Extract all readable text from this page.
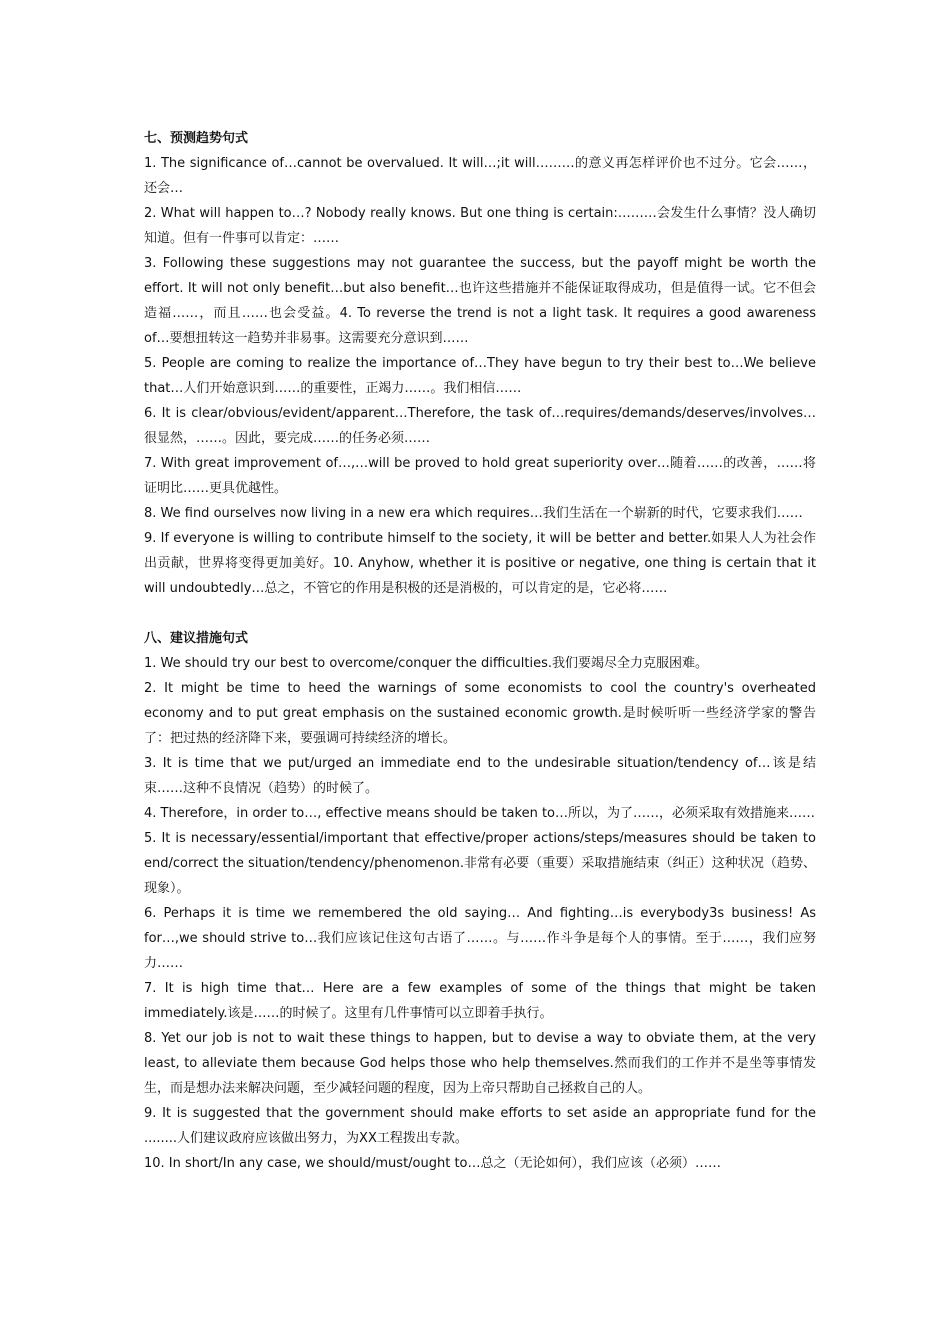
七、预测趋势句式

1. The significance of…cannot be overvalued. It will…;it will………的意义再怎样评价也不过分。它会……，还会…

2. What will happen to…? Nobody really knows. But one thing is certain:………会发生什么事情？没人确切知道。但有一件事可以肯定：……

3. Following these suggestions may not guarantee the success, but the payoff might be worth the effort. It will not only benefit…but also benefit…也许这些措施并不能保证取得成功，但是值得一试。它不但会造福……，而且……也会受益。4. To reverse the trend is not a light task. It requires a good awareness of…要想扭转这一趋势并非易事。这需要充分意识到……

5. People are coming to realize the importance of…They have begun to try their best to…We believe that…人们开始意识到……的重要性，正竭力……。我们相信……

6. It is clear/obvious/evident/apparent…Therefore, the task of…requires/demands/deserves/involves…很显然，……。因此，要完成……的任务必须……

7. With great improvement of…,…will be proved to hold great superiority over…随着……的改善，……将证明比……更具优越性。

8. We find ourselves now living in a new era which requires…我们生活在一个崭新的时代，它要求我们……

9. If everyone is willing to contribute himself to the society, it will be better and better.如果人人为社会作出贡献，世界将变得更加美好。10. Anyhow, whether it is positive or negative, one thing is certain that it will undoubtedly…总之，不管它的作用是积极的还是消极的，可以肯定的是，它必将……

八、建议措施句式

1. We should try our best to overcome/conquer the difficulties.我们要竭尽全力克服困难。

2. It might be time to heed the warnings of some economists to cool the country's overheated economy and to put great emphasis on the sustained economic growth.是时候听听一些经济学家的警告了：把过热的经济降下来，要强调可持续经济的增长。

3. It is time that we put/urged an immediate end to the undesirable situation/tendency of…该是结束……这种不良情况（趋势）的时候了。

4. Therefore，in order to…, effective means should be taken to…所以，为了……，必须采取有效措施来……

5. It is necessary/essential/important that effective/proper actions/steps/measures should be taken to end/correct the situation/tendency/phenomenon.非常有必要（重要）采取措施结束（纠正）这种状况（趋势、现象）。

6. Perhaps it is time we remembered the old saying… And fighting…is everybody3s business! As for…,we should strive to…我们应该记住这句古语了……。与……作斗争是每个人的事情。至于……，我们应努力……

7. It is high time that… Here are a few examples of some of the things that might be taken immediately.该是……的时候了。这里有几件事情可以立即着手执行。

8. Yet our job is not to wait these things to happen, but to devise a way to obviate them, at the very least, to alleviate them because God helps those who help themselves.然而我们的工作并不是坐等事情发生，而是想办法来解决问题，至少减轻问题的程度，因为上帝只帮助自己拯救自己的人。

9. It is suggested that the government should make efforts to set aside an appropriate fund for the ........人们建议政府应该做出努力，为XX工程拨出专款。

10. In short/In any case, we should/must/ought to…总之（无论如何），我们应该（必须）……
